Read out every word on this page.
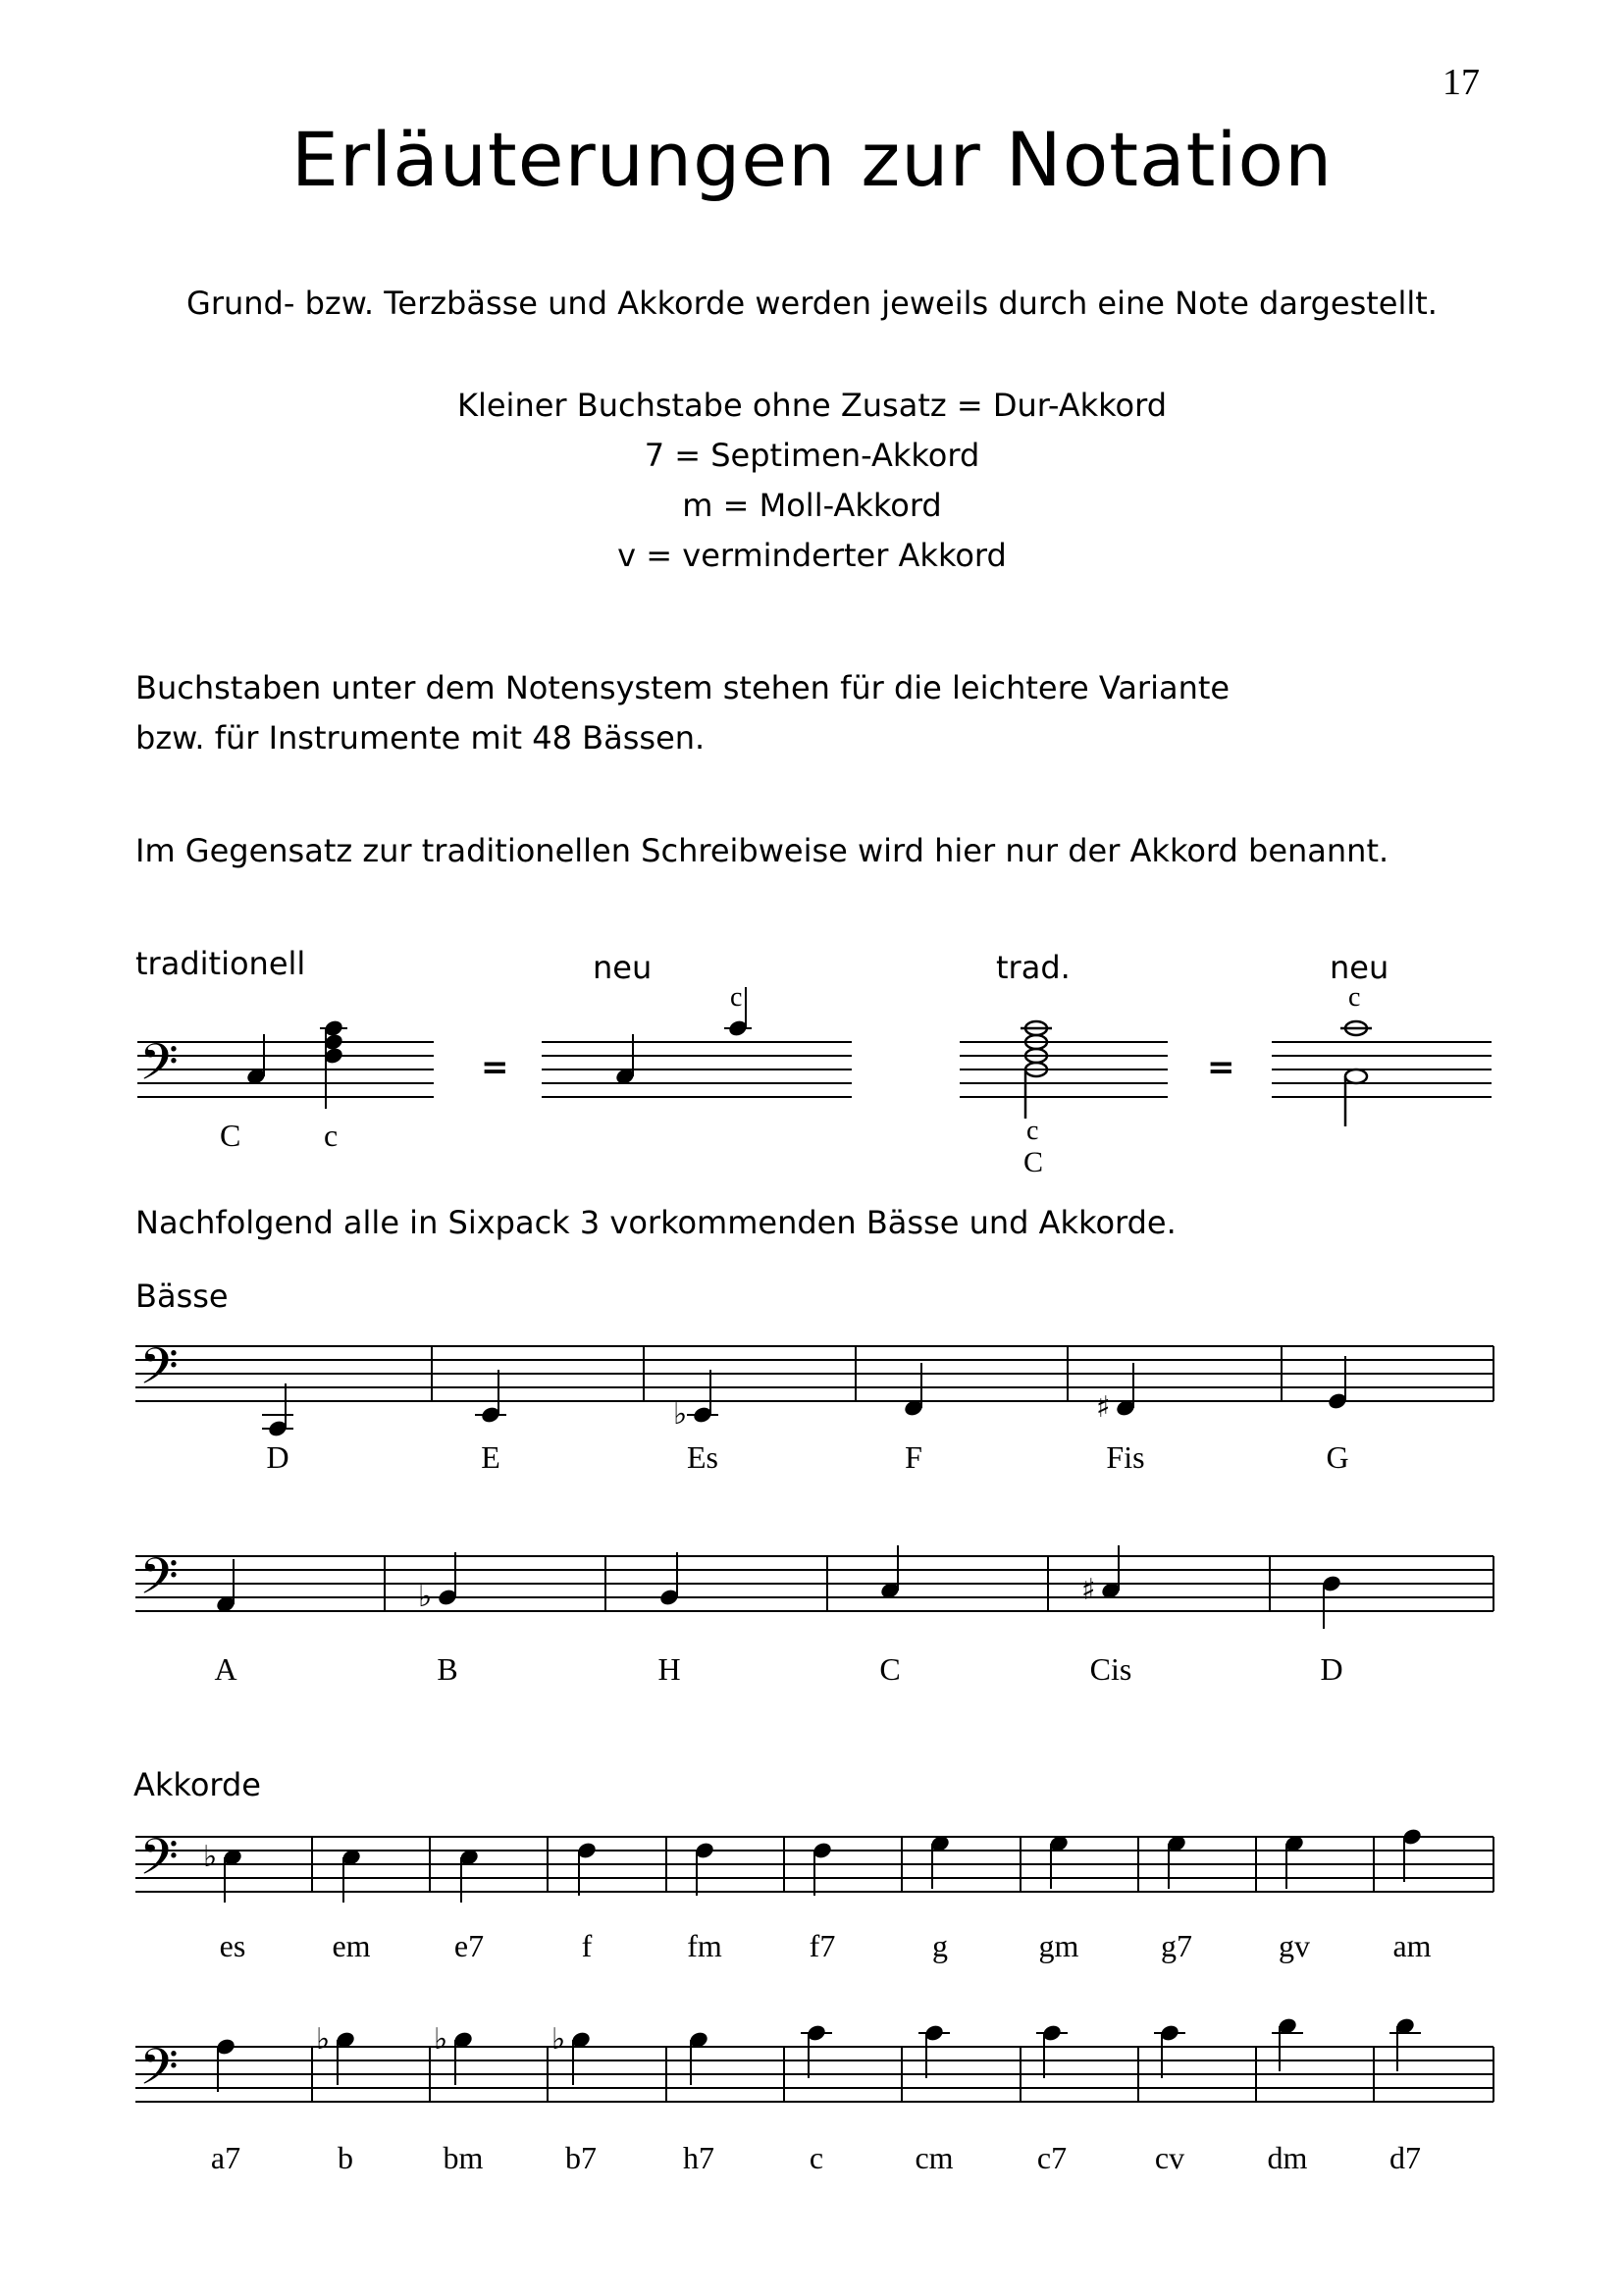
17
Erläuterungen zur Notation
Grund- bzw. Terzbässe und Akkorde werden jeweils durch eine Note dargestellt.
Kleiner Buchstabe ohne Zusatz = Dur-Akkord
7 = Septimen-Akkord
m = Moll-Akkord
v = verminderter Akkord
Buchstaben unter dem Notensystem stehen für die leichtere Variante
bzw. für Instrumente mit 48 Bässen.
Im Gegensatz zur traditionellen Schreibweise wird hier nur der Akkord benannt.
traditionell	neu	trad.	neu
Nachfolgend alle in Sixpack 3 vorkommenden Bässe und Akkorde.
Bässe
Akkorde
𝄢
C	c
=
c
c
C
=
c
𝄢
♭	♯
D	E	Es	F	Fis	G
𝄢	♭	♯
A	B	H	C	Cis	D
𝄢 ♭
es	em	e7	f	fm	f7	g	gm	g7	gv	am
𝄢	♭	♭	♭
a7	b	bm	b7	h7	c	cm	c7	cv	dm	d7
